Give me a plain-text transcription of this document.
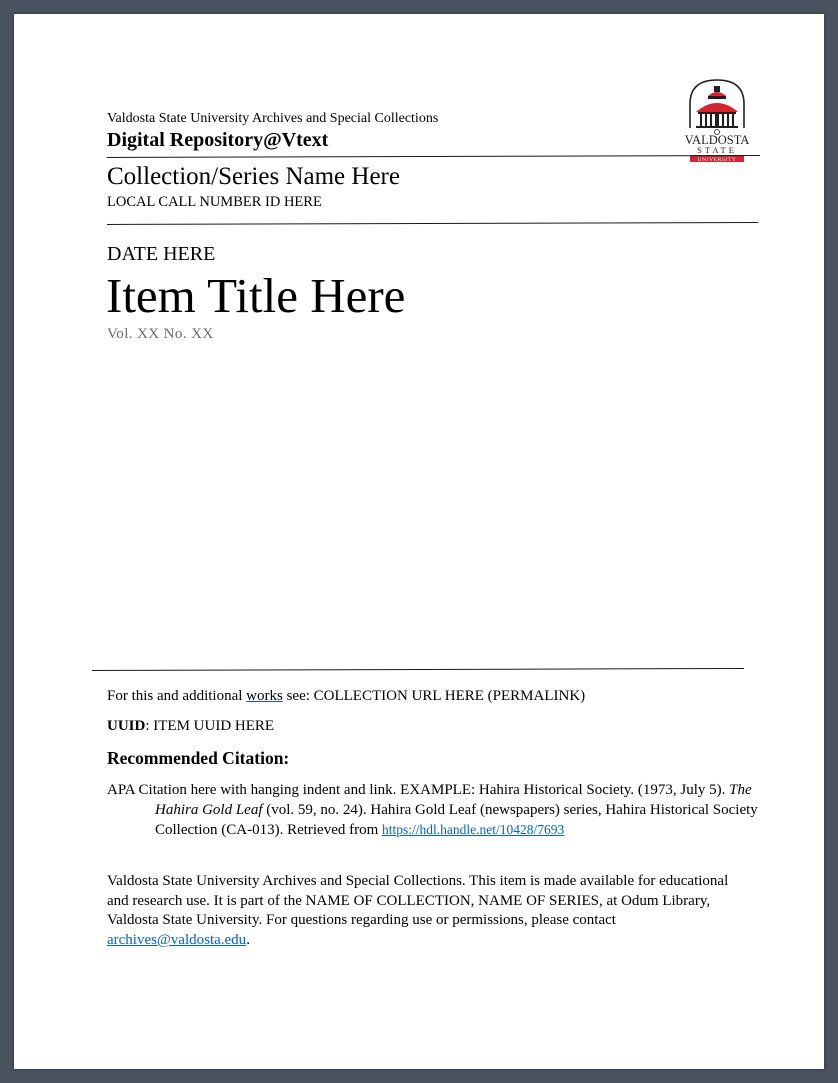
Valdosta State University Archives and Special Collections
Digital Repository@Vtext	VALDOSTA
STATE
UNIVERSITY
Collection/Series Name Here
LOCAL CALL NUMBER ID HERE
DATE HERE
Item Title Here
Vol. XX No. XX
For this and additional works see: COLLECTION URL HERE (PERMALINK)
UUID: ITEM UUID HERE
Recommended Citation:
APA Citation here with hanging indent and link. EXAMPLE: Hahira Historical Society. (1973, July 5). The Hahira Gold Leaf (vol. 59, no. 24). Hahira Gold Leaf (newspapers) series, Hahira Historical Society Collection (CA-013). Retrieved from https://hdl.handle.net/10428/7693
Valdosta State University Archives and Special Collections. This item is made available for educational and research use. It is part of the NAME OF COLLECTION, NAME OF SERIES, at Odum Library, Valdosta State University. For questions regarding use or permissions, please contact archives@valdosta.edu.
